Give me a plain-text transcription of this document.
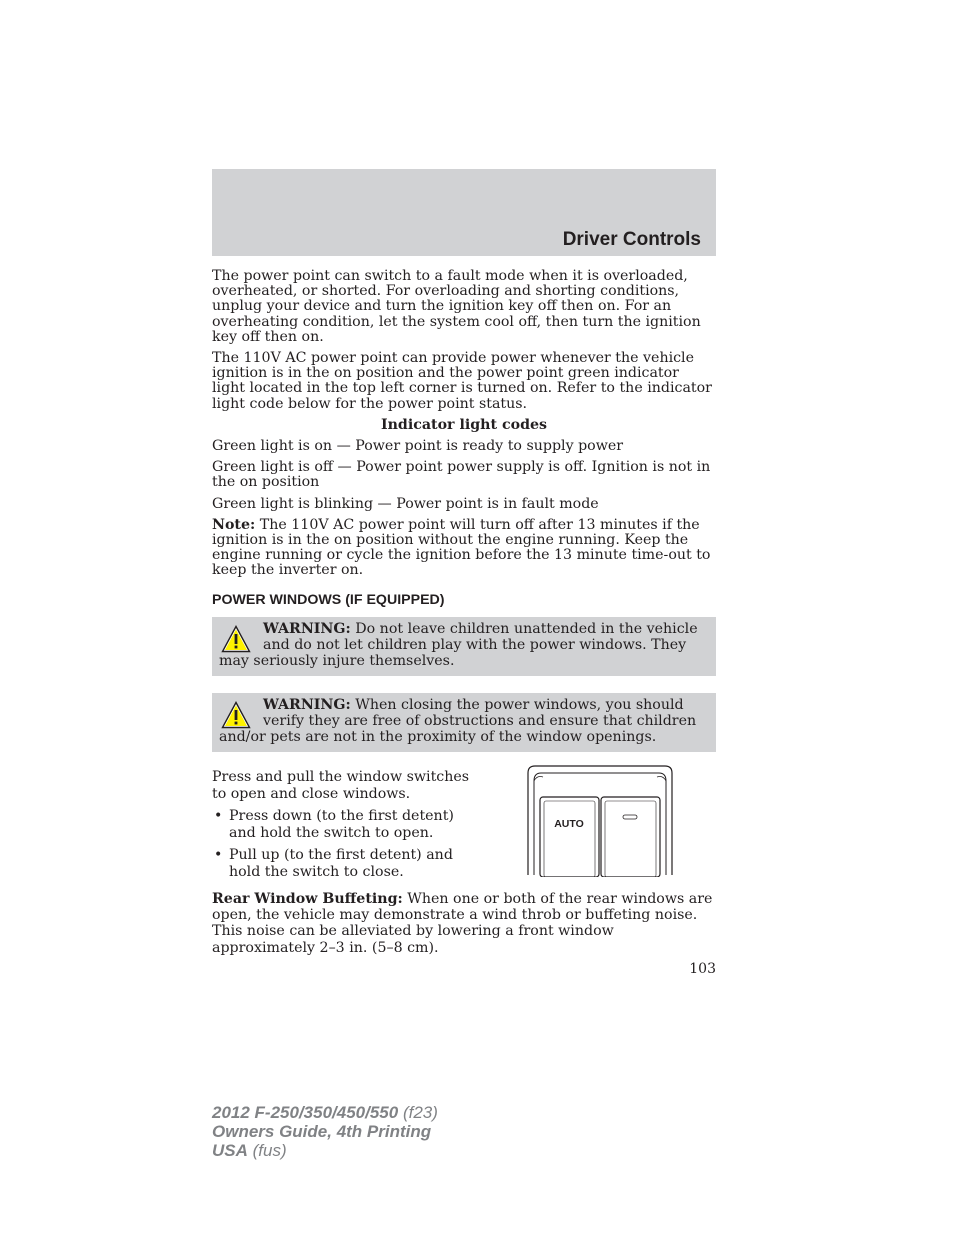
Driver Controls

The power point can switch to a fault mode when it is overloaded, overheated, or shorted. For overloading and shorting conditions, unplug your device and turn the ignition key off then on. For an overheating condition, let the system cool off, then turn the ignition key off then on.

The 110V AC power point can provide power whenever the vehicle ignition is in the on position and the power point green indicator light located in the top left corner is turned on. Refer to the indicator light code below for the power point status.

Indicator light codes

Green light is on — Power point is ready to supply power

Green light is off — Power point power supply is off. Ignition is not in the on position

Green light is blinking — Power point is in fault mode

Note: The 110V AC power point will turn off after 13 minutes if the ignition is in the on position without the engine running. Keep the engine running or cycle the ignition before the 13 minute time-out to keep the inverter on.

POWER WINDOWS (IF EQUIPPED)
WARNING: Do not leave children unattended in the vehicle and do not let children play with the power windows. They may seriously injure themselves.
WARNING: When closing the power windows, you should verify they are free of obstructions and ensure that children and/or pets are not in the proximity of the window openings.

Press and pull the window switches to open and close windows.

• Press down (to the first detent) and hold the switch to open.
• Pull up (to the first detent) and hold the switch to close.
AUTO

Rear Window Buffeting: When one or both of the rear windows are open, the vehicle may demonstrate a wind throb or buffeting noise. This noise can be alleviated by lowering a front window approximately 2–3 in. (5–8 cm).

103
2012 F-250/350/450/550 (f23)
Owners Guide, 4th Printing
USA (fus)
